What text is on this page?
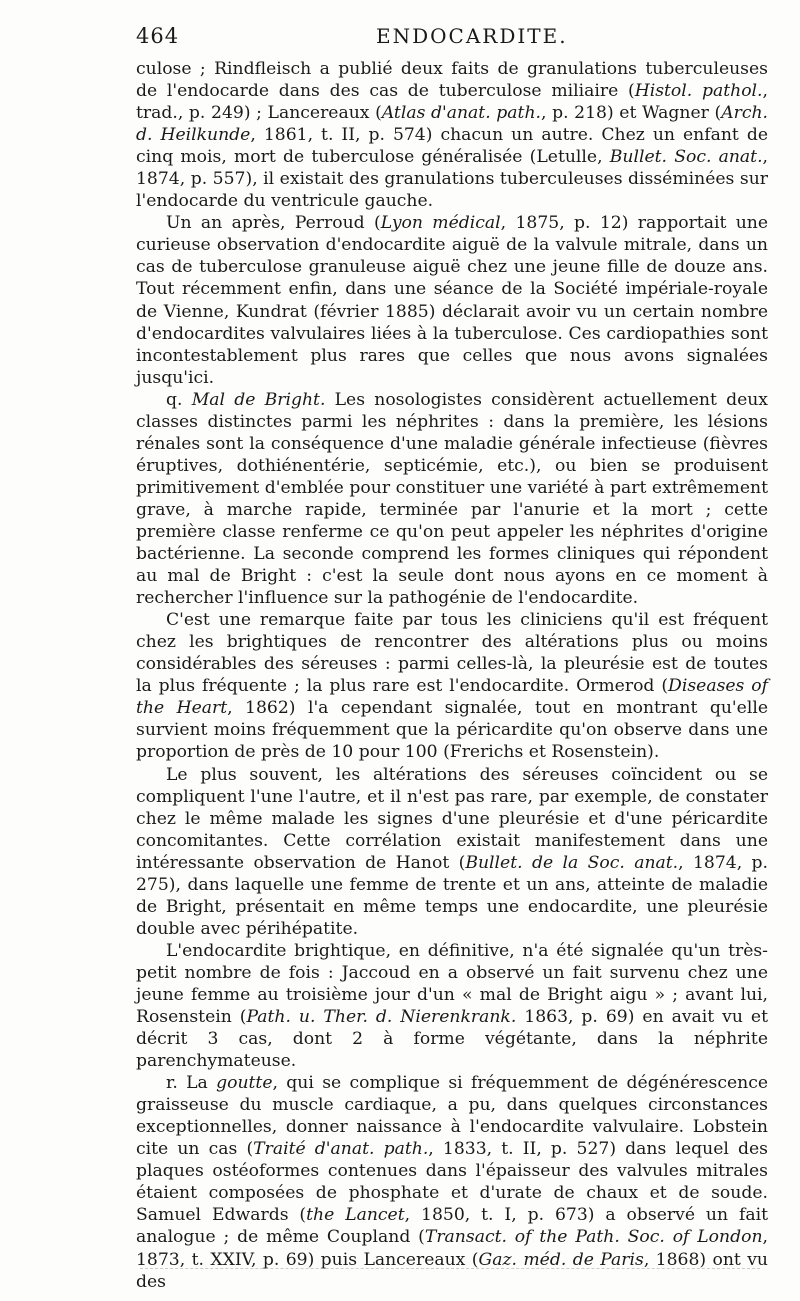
464	ENDOCARDITE.

culose ; Rindfleisch a publié deux faits de granulations tuberculeuses de l'endocarde dans des cas de tuberculose miliaire (Histol. pathol., trad., p. 249) ; Lancereaux (Atlas d'anat. path., p. 218) et Wagner (Arch. d. Heilkunde, 1861, t. II, p. 574) chacun un autre. Chez un enfant de cinq mois, mort de tuberculose généralisée (Letulle, Bullet. Soc. anat., 1874, p. 557), il existait des granulations tuberculeuses disséminées sur l'endocarde du ventricule gauche.

Un an après, Perroud (Lyon médical, 1875, p. 12) rapportait une curieuse observation d'endocardite aiguë de la valvule mitrale, dans un cas de tuberculose granuleuse aiguë chez une jeune fille de douze ans. Tout récemment enfin, dans une séance de la Société impériale-royale de Vienne, Kundrat (février 1885) déclarait avoir vu un certain nombre d'endocardites valvulaires liées à la tuberculose. Ces cardiopathies sont incontestablement plus rares que celles que nous avons signalées jusqu'ici.

q. Mal de Bright. Les nosologistes considèrent actuellement deux classes distinctes parmi les néphrites : dans la première, les lésions rénales sont la conséquence d'une maladie générale infectieuse (fièvres éruptives, dothiénentérie, septicémie, etc.), ou bien se produisent primitivement d'emblée pour constituer une variété à part extrêmement grave, à marche rapide, terminée par l'anurie et la mort ; cette première classe renferme ce qu'on peut appeler les néphrites d'origine bactérienne. La seconde comprend les formes cliniques qui répondent au mal de Bright : c'est la seule dont nous ayons en ce moment à rechercher l'influence sur la pathogénie de l'endocardite.

C'est une remarque faite par tous les cliniciens qu'il est fréquent chez les brightiques de rencontrer des altérations plus ou moins considérables des séreuses : parmi celles-là, la pleurésie est de toutes la plus fréquente ; la plus rare est l'endocardite. Ormerod (Diseases of the Heart, 1862) l'a cependant signalée, tout en montrant qu'elle survient moins fréquemment que la péricardite qu'on observe dans une proportion de près de 10 pour 100 (Frerichs et Rosenstein).

Le plus souvent, les altérations des séreuses coïncident ou se compliquent l'une l'autre, et il n'est pas rare, par exemple, de constater chez le même malade les signes d'une pleurésie et d'une péricardite concomitantes. Cette corrélation existait manifestement dans une intéressante observation de Hanot (Bullet. de la Soc. anat., 1874, p. 275), dans laquelle une femme de trente et un ans, atteinte de maladie de Bright, présentait en même temps une endocardite, une pleurésie double avec périhépatite.

L'endocardite brightique, en définitive, n'a été signalée qu'un très-petit nombre de fois : Jaccoud en a observé un fait survenu chez une jeune femme au troisième jour d'un « mal de Bright aigu » ; avant lui, Rosenstein (Path. u. Ther. d. Nierenkrank. 1863, p. 69) en avait vu et décrit 3 cas, dont 2 à forme végétante, dans la néphrite parenchymateuse.

r. La goutte, qui se complique si fréquemment de dégénérescence graisseuse du muscle cardiaque, a pu, dans quelques circonstances exceptionnelles, donner naissance à l'endocardite valvulaire. Lobstein cite un cas (Traité d'anat. path., 1833, t. II, p. 527) dans lequel des plaques ostéoformes contenues dans l'épaisseur des valvules mitrales étaient composées de phosphate et d'urate de chaux et de soude. Samuel Edwards (the Lancet, 1850, t. I, p. 673) a observé un fait analogue ; de même Coupland (Transact. of the Path. Soc. of London, 1873, t. XXIV, p. 69) puis Lancereaux (Gaz. méd. de Paris, 1868) ont vu des
